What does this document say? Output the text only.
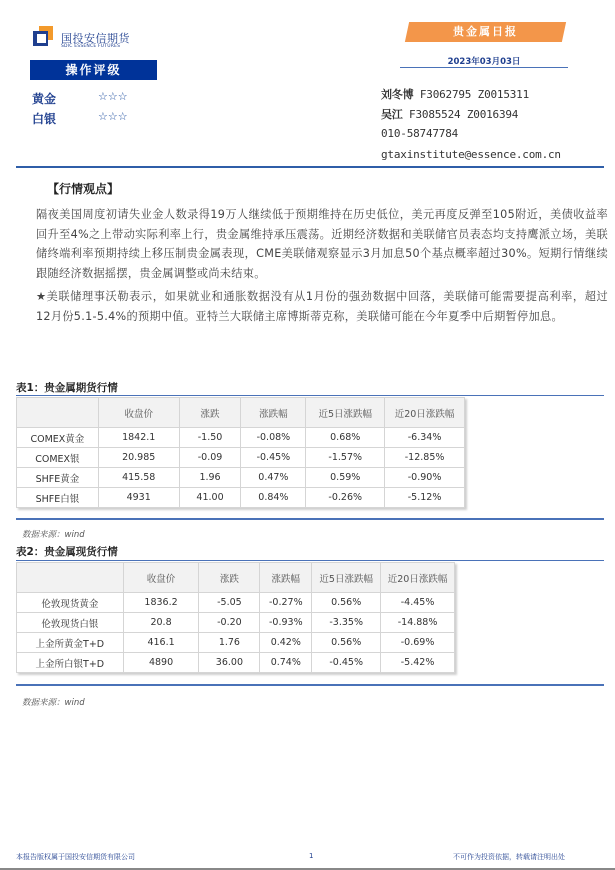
国投安信期货
SDIC ESSENCE FUTURES
操作评级
黄金	☆☆☆
白银	☆☆☆
贵金属日报
2023年03月03日
刘冬博 F3062795 Z0015311
吴江 F3085524 Z0016394
010-58747784
gtaxinstitute@essence.com.cn
【行情观点】
隔夜美国周度初请失业金人数录得19万人继续低于预期维持在历史低位，美元再度反弹至105附近，美债收益率回升至4%之上带动实际利率上行，贵金属维持承压震荡。近期经济数据和美联储官员表态均支持鹰派立场，美联储终端利率预期持续上移压制贵金属表现，CME美联储观察显示3月加息50个基点概率超过30%。短期行情继续跟随经济数据摇摆，贵金属调整或尚未结束。
★美联储理事沃勒表示，如果就业和通胀数据没有从1月份的强劲数据中回落，美联储可能需要提高利率，超过12月份5.1-5.4%的预期中值。亚特兰大联储主席博斯蒂克称，美联储可能在今年夏季中后期暂停加息。
表1：贵金属期货行情
	收盘价	涨跌	涨跌幅	近5日涨跌幅	近20日涨跌幅
COMEX黄金	1842.1	-1.50	-0.08%	0.68%	-6.34%
COMEX银	20.985	-0.09	-0.45%	-1.57%	-12.85%
SHFE黄金	415.58	1.96	0.47%	0.59%	-0.90%
SHFE白银	4931	41.00	0.84%	-0.26%	-5.12%
数据来源：wind
表2：贵金属现货行情
	收盘价	涨跌	涨跌幅	近5日涨跌幅	近20日涨跌幅
伦敦现货黄金	1836.2	-5.05	-0.27%	0.56%	-4.45%
伦敦现货白银	20.8	-0.20	-0.93%	-3.35%	-14.88%
上金所黄金T+D	416.1	1.76	0.42%	0.56%	-0.69%
上金所白银T+D	4890	36.00	0.74%	-0.45%	-5.42%
数据来源：wind
本报告版权属于国投安信期货有限公司	1	不可作为投资依据，转载请注明出处
